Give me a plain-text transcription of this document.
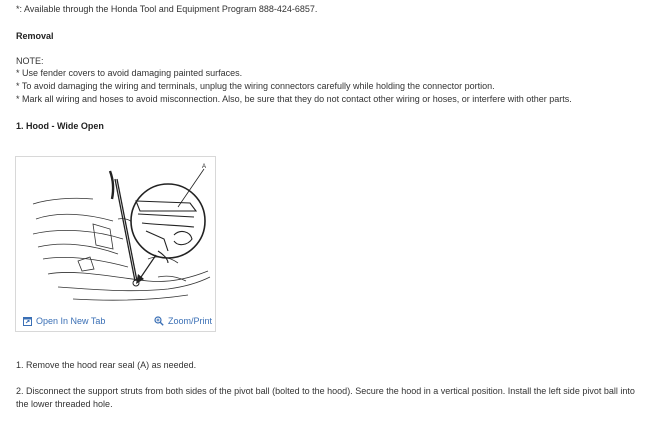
*: Available through the Honda Tool and Equipment Program 888-424-6857.
Removal
NOTE:
* Use fender covers to avoid damaging painted surfaces.
* To avoid damaging the wiring and terminals, unplug the wiring connectors carefully while holding the connector portion.
* Mark all wiring and hoses to avoid misconnection. Also, be sure that they do not contact other wiring or hoses, or interfere with other parts.
1. Hood - Wide Open
A
Open In New Tab	Zoom/Print
1. Remove the hood rear seal (A) as needed.
2. Disconnect the support struts from both sides of the pivot ball (bolted to the hood). Secure the hood in a vertical position. Install the left side pivot ball into the lower threaded hole.
